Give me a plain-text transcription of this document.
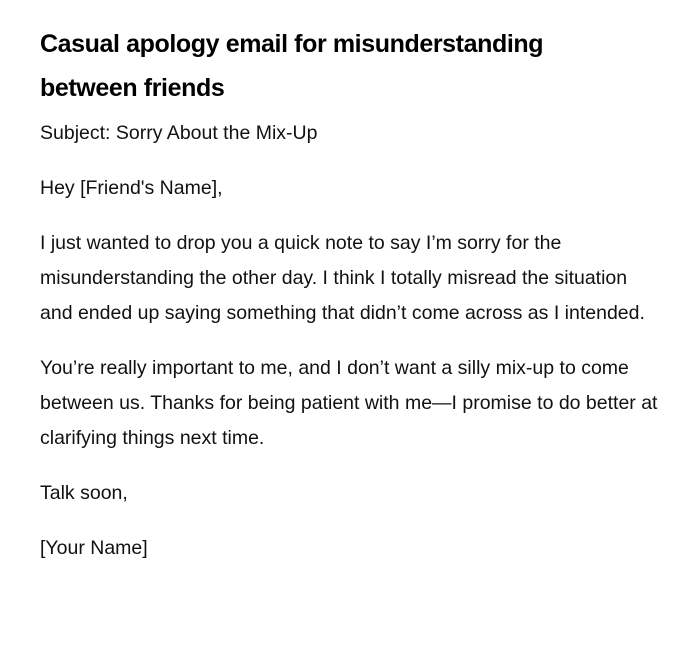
Casual apology email for misunderstanding between friends

Subject: Sorry About the Mix-Up

Hey [Friend's Name],

I just wanted to drop you a quick note to say I’m sorry for the misunderstanding the other day. I think I totally misread the situation and ended up saying something that didn’t come across as I intended.

You’re really important to me, and I don’t want a silly mix-up to come between us. Thanks for being patient with me—I promise to do better at clarifying things next time.

Talk soon,

[Your Name]
